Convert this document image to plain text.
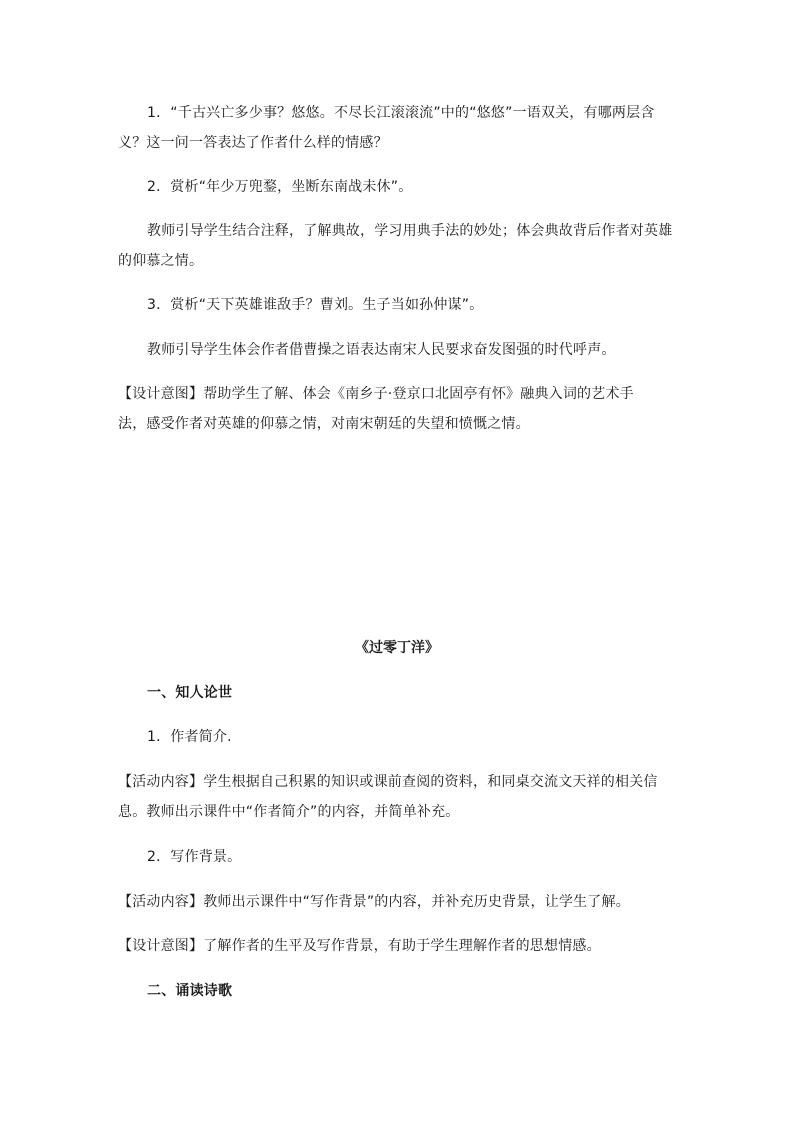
1．“千古兴亡多少事？悠悠。不尽长江滚滚流”中的“悠悠”一语双关，有哪两层含
义？这一问一答表达了作者什么样的情感？
2．赏析“年少万兜鍪，坐断东南战未休”。
教师引导学生结合注释，了解典故，学习用典手法的妙处；体会典故背后作者对英雄
的仰慕之情。
3．赏析“天下英雄谁敌手？曹刘。生子当如孙仲谋”。
教师引导学生体会作者借曹操之语表达南宋人民要求奋发图强的时代呼声。
【设计意图】帮助学生了解、体会《南乡子·登京口北固亭有怀》融典入词的艺术手
法，感受作者对英雄的仰慕之情，对南宋朝廷的失望和愤慨之情。
《过零丁洋》
一、知人论世
1．作者简介.
【活动内容】学生根据自己积累的知识或课前查阅的资料，和同桌交流文天祥的相关信
息。教师出示课件中“作者简介”的内容，并简单补充。
2．写作背景。
【活动内容】教师出示课件中“写作背景”的内容，并补充历史背景，让学生了解。
【设计意图】了解作者的生平及写作背景，有助于学生理解作者的思想情感。
二、诵读诗歌
